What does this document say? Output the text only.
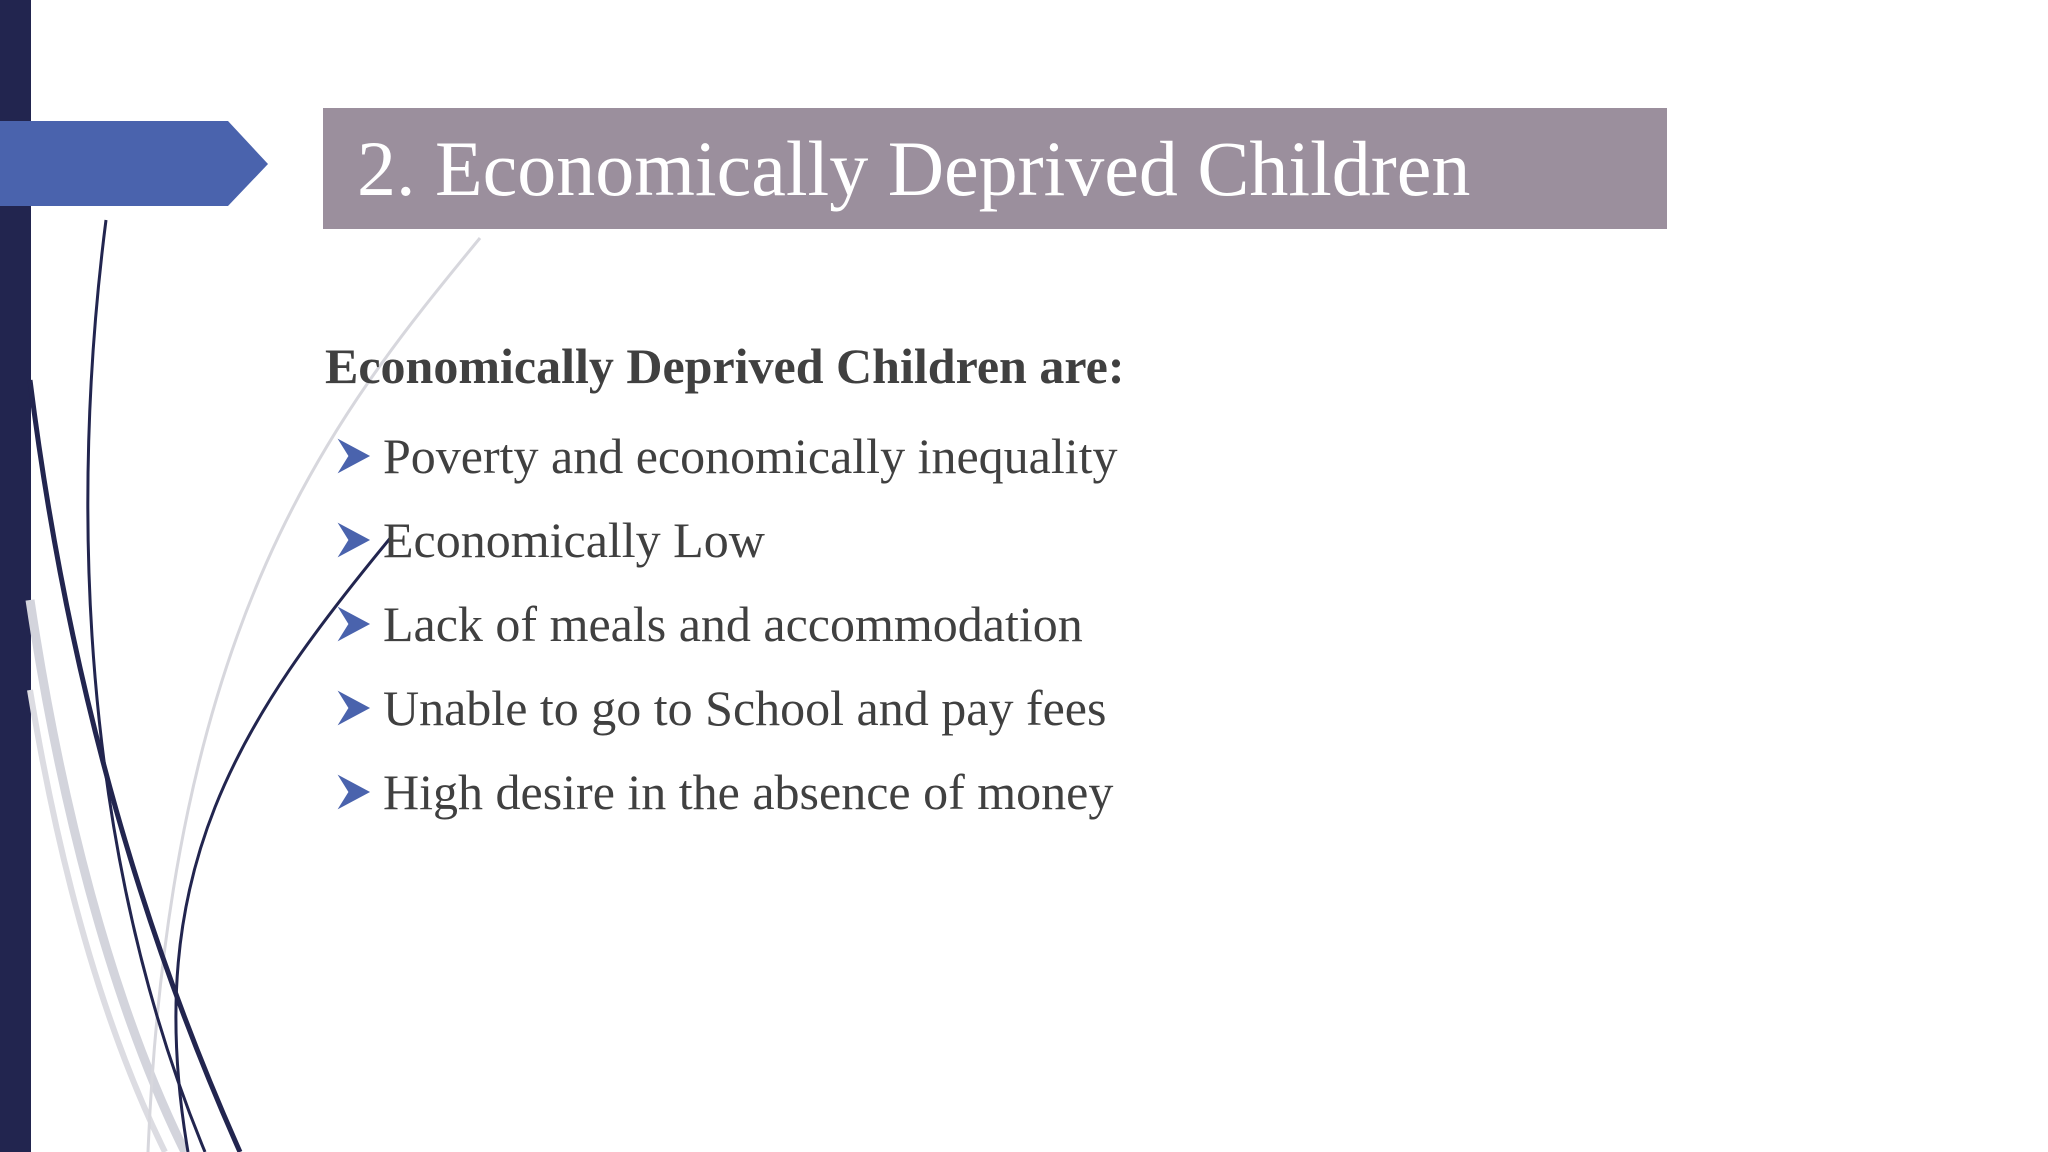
2. Economically Deprived Children
Economically Deprived Children are:
Poverty and economically inequality
Economically Low
Lack of meals and accommodation
Unable to go to School and pay fees
High desire in the absence of money
